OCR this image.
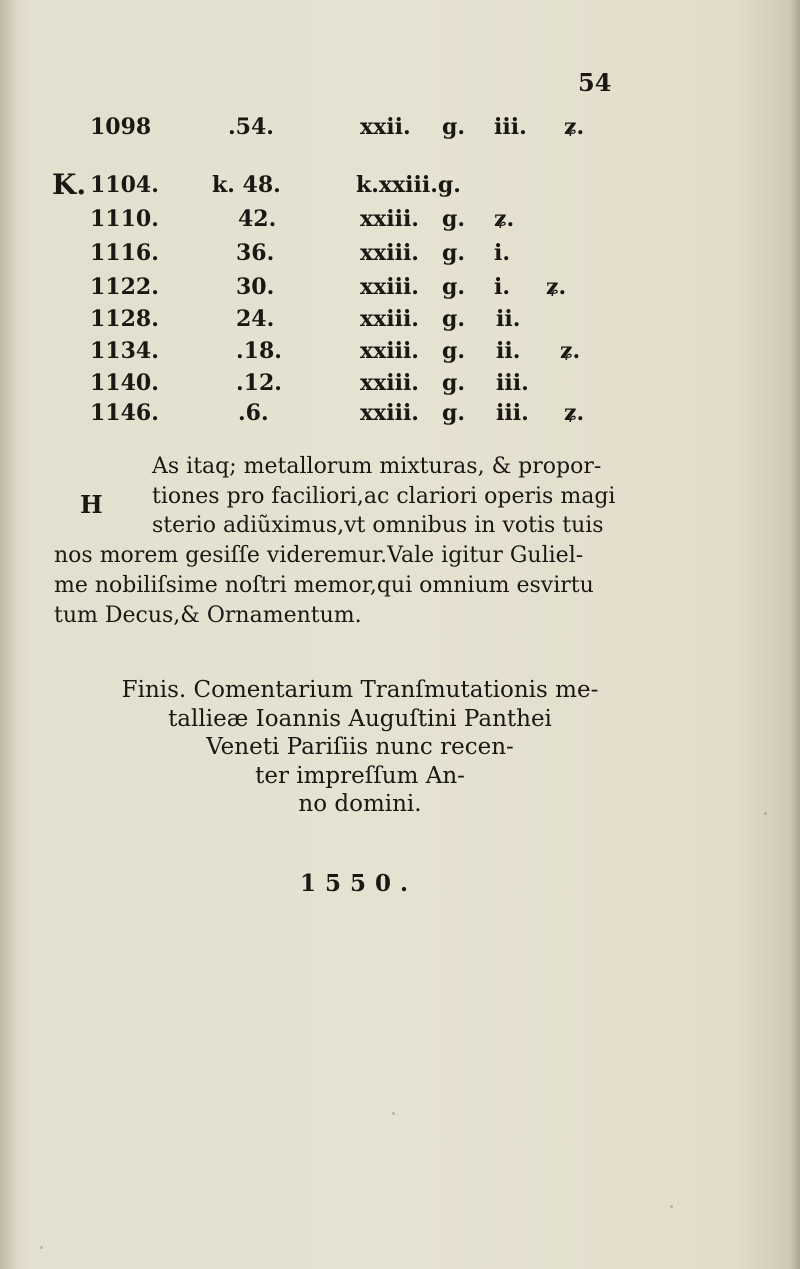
54
1098	.54.	xxii. g. iii. ʑ.
K. 1104. k. 48.	k.xxiii.g.
1110.	42.	xxiii. g. ʑ.
1116.	36.	xxiii. g. i.
1122.	30.	xxiii. g. i. ʑ.
1128.	24.	xxiii. g. ii.
1134.	.18.	xxiii. g. ii. ʑ.
1140.	.12.	xxiii. g. iii.
1146.	.6.	xxiii. g. iii. ʑ.
H
As itaq; metallorum mixturas, & propor-
tiones pro faciliori,ac clariori operis magi
sterio adiũximus,vt omnibus in votis tuis
nos morem gesiſſe videremur.Vale igitur Guliel-
me nobiliſsime noſtri memor,qui omnium esvirtu
tum Decus,& Ornamentum.
Finis. Comentarium Tranſmutationis me-
tallieæ Ioannis Auguſtini Panthei
Veneti Pariſiis nunc recen-
ter impreſſum An-
no domini.
1550.
